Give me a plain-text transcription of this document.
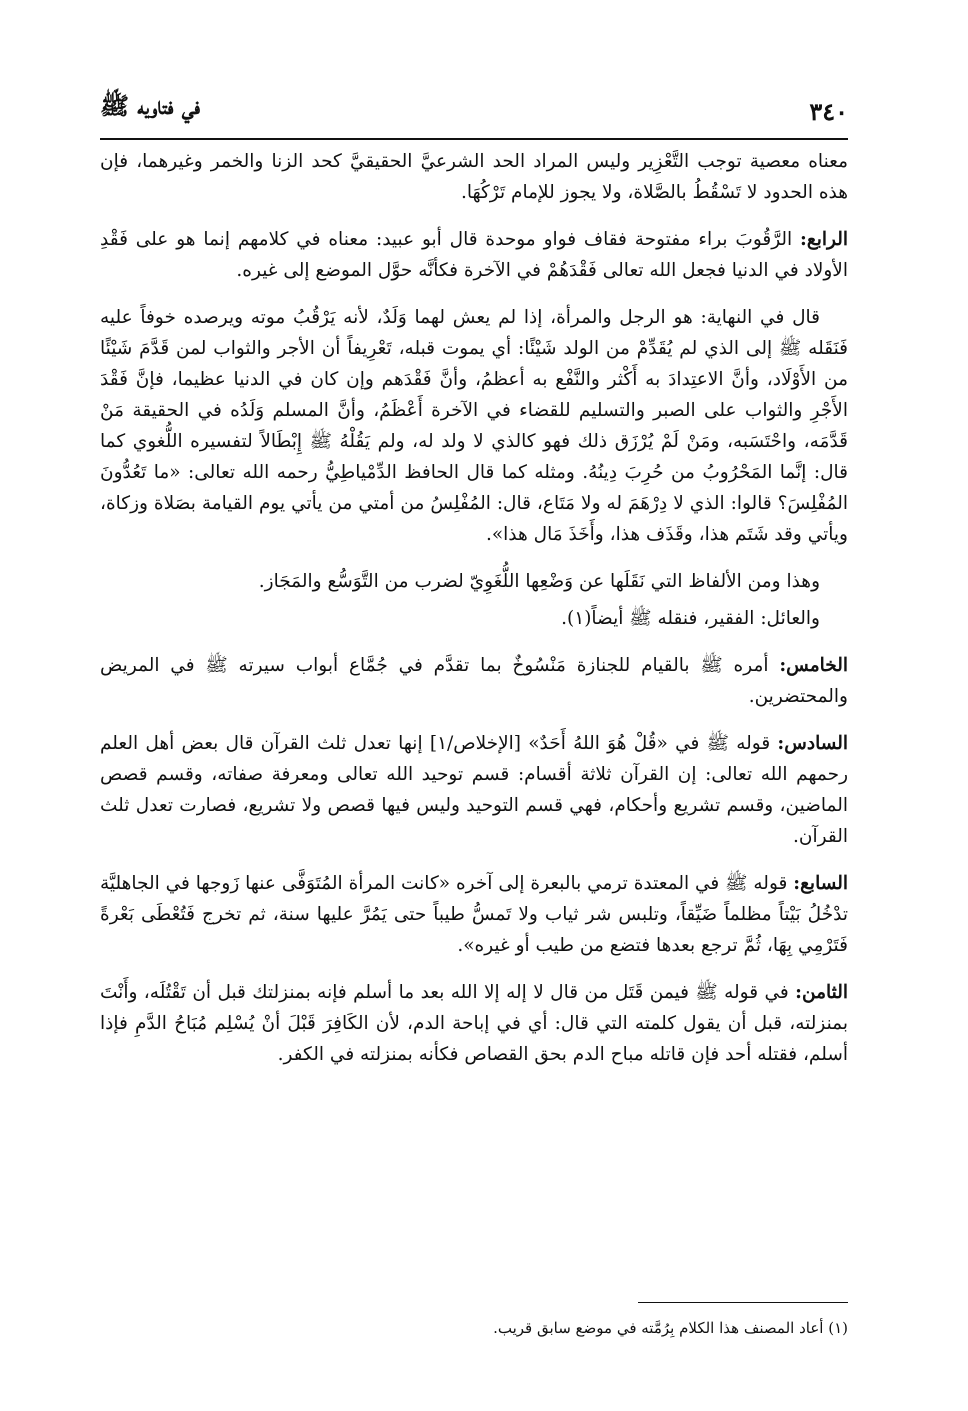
٣٤٠
في فتاويه ﷺ

معناه معصية توجب التَّعْزِير وليس المراد الحد الشرعيَّ الحقيقيَّ كحد الزنا والخمر وغيرهما، فإن هذه الحدود لا تَسْقُطُ بالصَّلاة، ولا يجوز للإمام تَرْكُهَا.

الرابع: الرَّقُوبَ براء مفتوحة فقاف فواو موحدة قال أبو عبيد: معناه في كلامهم إنما هو على فَقْدِ الأولاد في الدنيا فجعل الله تعالى فَقْدَهُمْ في الآخرة فكأنَّه حوَّل الموضع إلى غيره.

قال في النهاية: هو الرجل والمرأة، إذا لم يعش لهما وَلَدٌ، لأنه يَرْقُبُ موته ويرصده خوفاً عليه فَنَقَله ﷺ إلى الذي لم يُقَدِّمْ من الولد شَيْئًا: أي يموت قبله، تَعْرِيفاً أن الأجر والثواب لمن قَدَّمَ شَيْئًا من الأَوْلَاد، وأنَّ الاعتِدادَ به أَكْثر والنَّفْع به أعظمُ، وأنَّ فَقْدَهم وإن كان في الدنيا عظيما، فإنَّ فَقْدَ الأَجْرِ والثواب على الصبر والتسليم للقضاء في الآخرة أَعْظَمُ، وأنَّ المسلم وَلَدُه في الحقيقة مَنْ قَدَّمَه، واحْتَسَبه، ومَنْ لَمْ يُرْزَق ذلك فهو كالذي لا ولد له، ولم يَقُلْهُ ﷺ إِبْطَالاً لتفسيره اللُّغوي كما قال: إنَّما المَحْرُوبُ من حُرِبَ دِينُهُ. ومثله كما قال الحافظ الدِّمْياطِيُّ رحمه الله تعالى: «ما تَعُدُّونَ المُفْلِسَ؟ قالوا: الذي لا دِرْهَمَ له ولا مَتَاع، قال: المُفْلِسُ من أمتي من يأتي يوم القيامة بصَلاة وزكاة، ويأتي وقد شَتَم هذا، وقَذَف هذا، وأَخَذَ مَال هذا».

وهذا ومن الألفاظ التي نَقَلَها عن وَضْعِها اللُّغَوِيّ لضرب من التَّوَسُّع والمَجَاز.

والعائل: الفقير، فنقله ﷺ أيضاً(١).

الخامس: أمره ﷺ بالقيام للجنازة مَنْسُوخٌ بما تقدَّم في جُمَّاع أبواب سيرته ﷺ في المريض والمحتضرين.

السادس: قوله ﷺ في «قُلْ هُوَ اللهُ أَحَدٌ» [الإخلاص/١] إنها تعدل ثلث القرآن قال بعض أهل العلم رحمهم الله تعالى: إن القرآن ثلاثة أقسام: قسم توحيد الله تعالى ومعرفة صفاته، وقسم قصص الماضين، وقسم تشريع وأحكام، فهي قسم التوحيد وليس فيها قصص ولا تشريع، فصارت تعدل ثلث القرآن.

السابع: قوله ﷺ في المعتدة ترمي بالبعرة إلى آخره «كانت المرأة المُتَوَفَّى عنها زَوجها في الجاهليَّة تدْخُلُ بَيْتاً مظلماً ضَيِّقاً، وتلبس شر ثياب ولا تَمسُّ طيباً حتى يَمُرَّ عليها سنة، ثم تخرج فَتُعْطَى بَعْرةً فَتَرْمِي بِهَا، ثُمَّ ترجع بعدها فتضع من طيب أو غيره».

الثامن: في قوله ﷺ فيمن قَتَل من قال لا إله إلا الله بعد ما أسلم فإنه بمنزلتك قبل أن تَقْتُلَه، وأَنْتَ بمنزلته، قبل أن يقول كلمته التي قال: أي في إباحة الدم، لأن الكَافِرَ قَبْلَ أنْ يُسْلِم مُبَاحُ الدَّمِ فإذا أسلم، فقتله أحد فإن قاتله مباح الدم بحق القصاص فكأنه بمنزلته في الكفر.

(١) أعاد المصنف هذا الكلام بِرُمَّته في موضع سابق قريب.
